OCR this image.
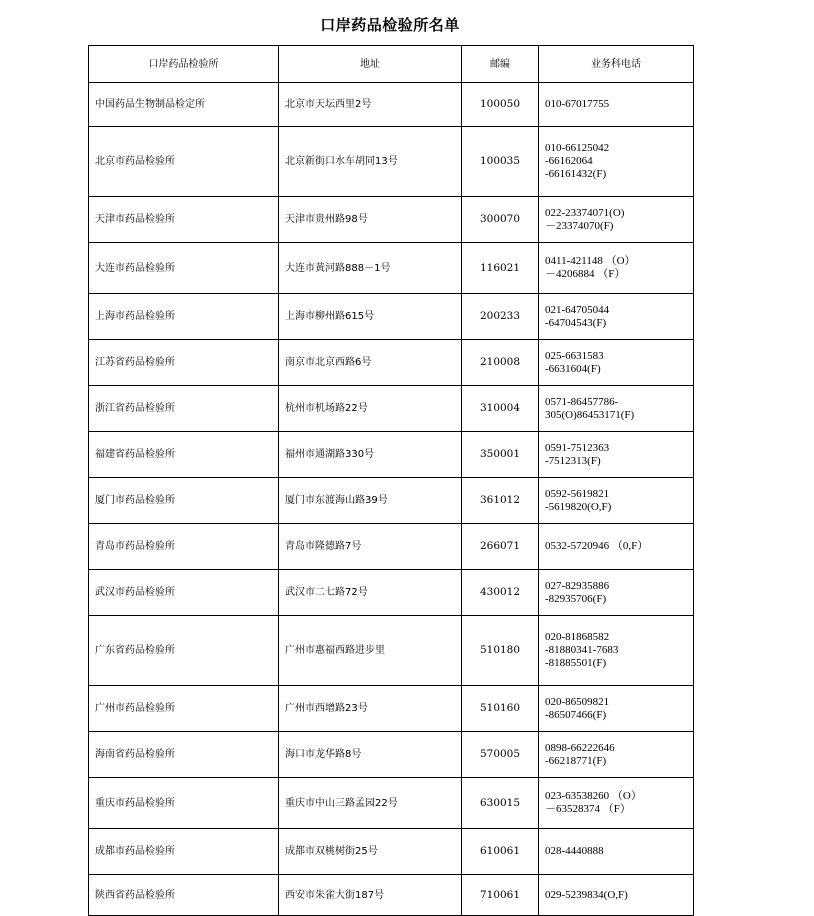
口岸药品检验所名单
口岸药品检验所	地址	邮编	业务科电话
中国药品生物制品检定所	北京市天坛西里2号	100050	010-67017755

北京市药品检验所	北京新街口水车胡同13号	100035	010-66125042
-66162064
-66161432(F)

天津市药品检验所	天津市贵州路98号	300070	022-23374071(O)
－23374070(F)

大连市药品检验所	大连市黄河路888－1号	116021	0411-421148 （O）
－4206884 （F）

上海市药品检验所	上海市柳州路615号	200233	021-64705044
-64704543(F)

江苏省药品检验所	南京市北京西路6号	210008	025-6631583
-6631604(F)

浙江省药品检验所	杭州市机场路22号	310004	0571-86457786-
305(O)86453171(F)

福建省药品检验所	福州市通湖路330号	350001	0591-7512363
-7512313(F)

厦门市药品检验所	厦门市东渡海山路39号	361012	0592-5619821
-5619820(O,F)

青岛市药品检验所	青岛市隆德路7号	266071	0532-5720946 （0,F）

武汉市药品检验所	武汉市二七路72号	430012	027-82935886
-82935706(F)

广东省药品检验所	广州市惠福西路进步里	510180	020-81868582
-81880341-7683
-81885501(F)

广州市药品检验所	广州市西增路23号	510160	020-86509821
-86507466(F)

海南省药品检验所	海口市龙华路8号	570005	0898-66222646
-66218771(F)

重庆市药品检验所	重庆市中山三路孟园22号	630015	023-63538260 （O）
－63528374 （F）

成都市药品检验所	成都市双桃树街25号	610061	028-4440888

陕西省药品检验所	西安市朱雀大街187号	710061	029-5239834(O,F)
